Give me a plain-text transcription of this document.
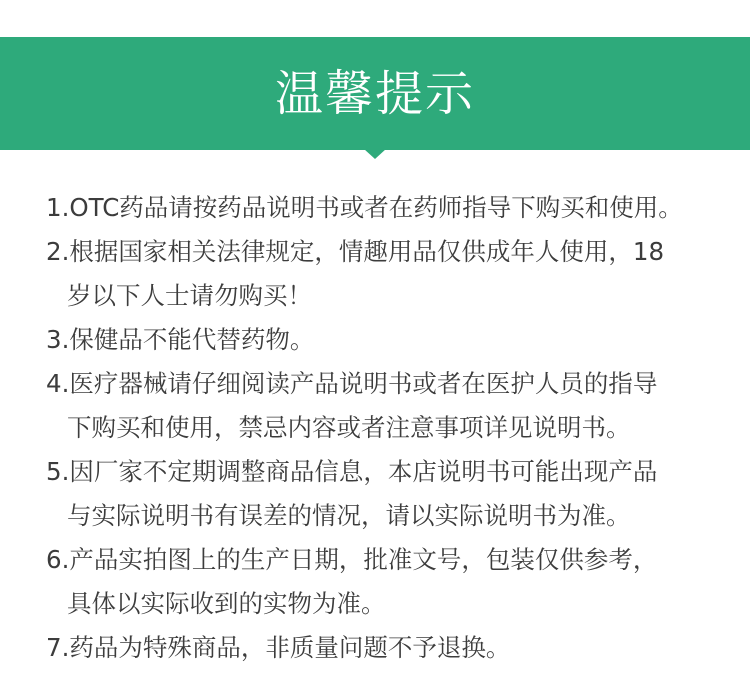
温馨提示
1.OTC药品请按药品说明书或者在药师指导下购买和使用。
2.根据国家相关法律规定，情趣用品仅供成年人使用，18
岁以下人士请勿购买！
3.保健品不能代替药物。
4.医疗器械请仔细阅读产品说明书或者在医护人员的指导
下购买和使用，禁忌内容或者注意事项详见说明书。
5.因厂家不定期调整商品信息，本店说明书可能出现产品
与实际说明书有误差的情况，请以实际说明书为准。
6.产品实拍图上的生产日期，批准文号，包装仅供参考，
具体以实际收到的实物为准。
7.药品为特殊商品，非质量问题不予退换。
